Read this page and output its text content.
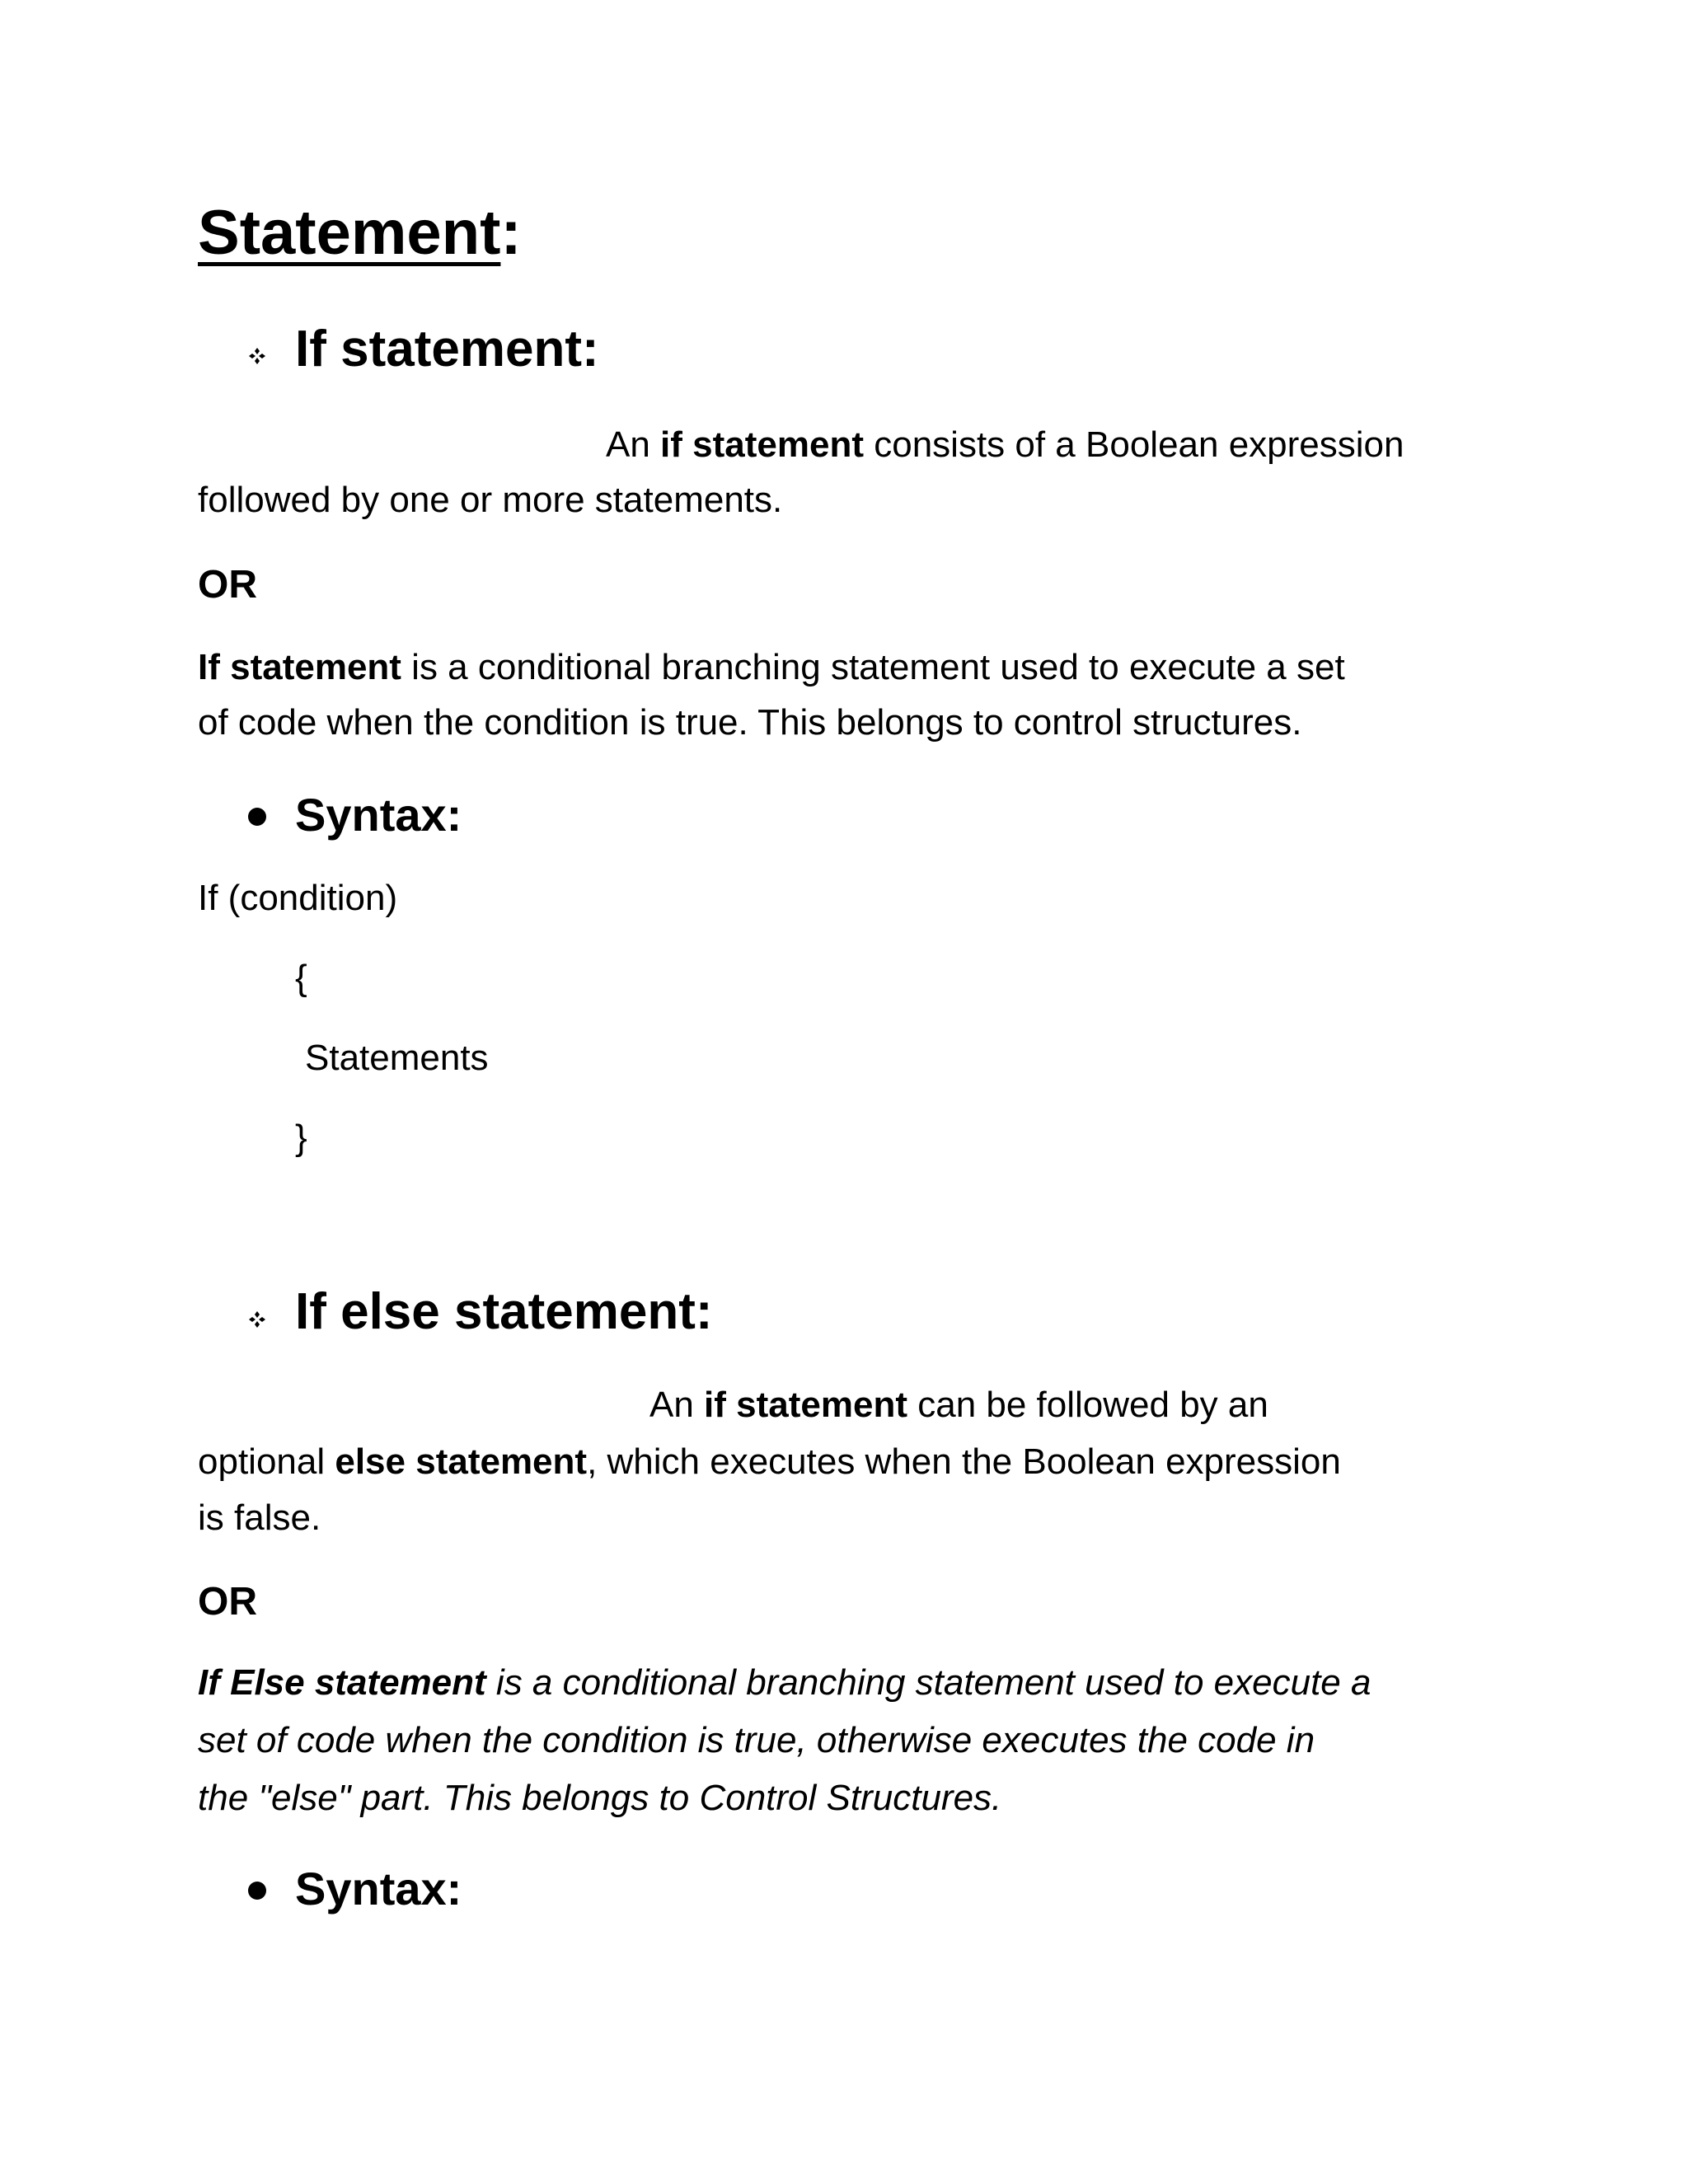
Statement:
If statement:
An if statement consists of a Boolean expression
followed by one or more statements.
OR
If statement is a conditional branching statement used to execute a set
of code when the condition is true. This belongs to control structures.
Syntax:
If (condition)
{
Statements
}
If else statement:
An if statement can be followed by an
optional else statement, which executes when the Boolean expression
is false.
OR
If Else statement is a conditional branching statement used to execute a
set of code when the condition is true, otherwise executes the code in
the "else" part. This belongs to Control Structures.
Syntax:
